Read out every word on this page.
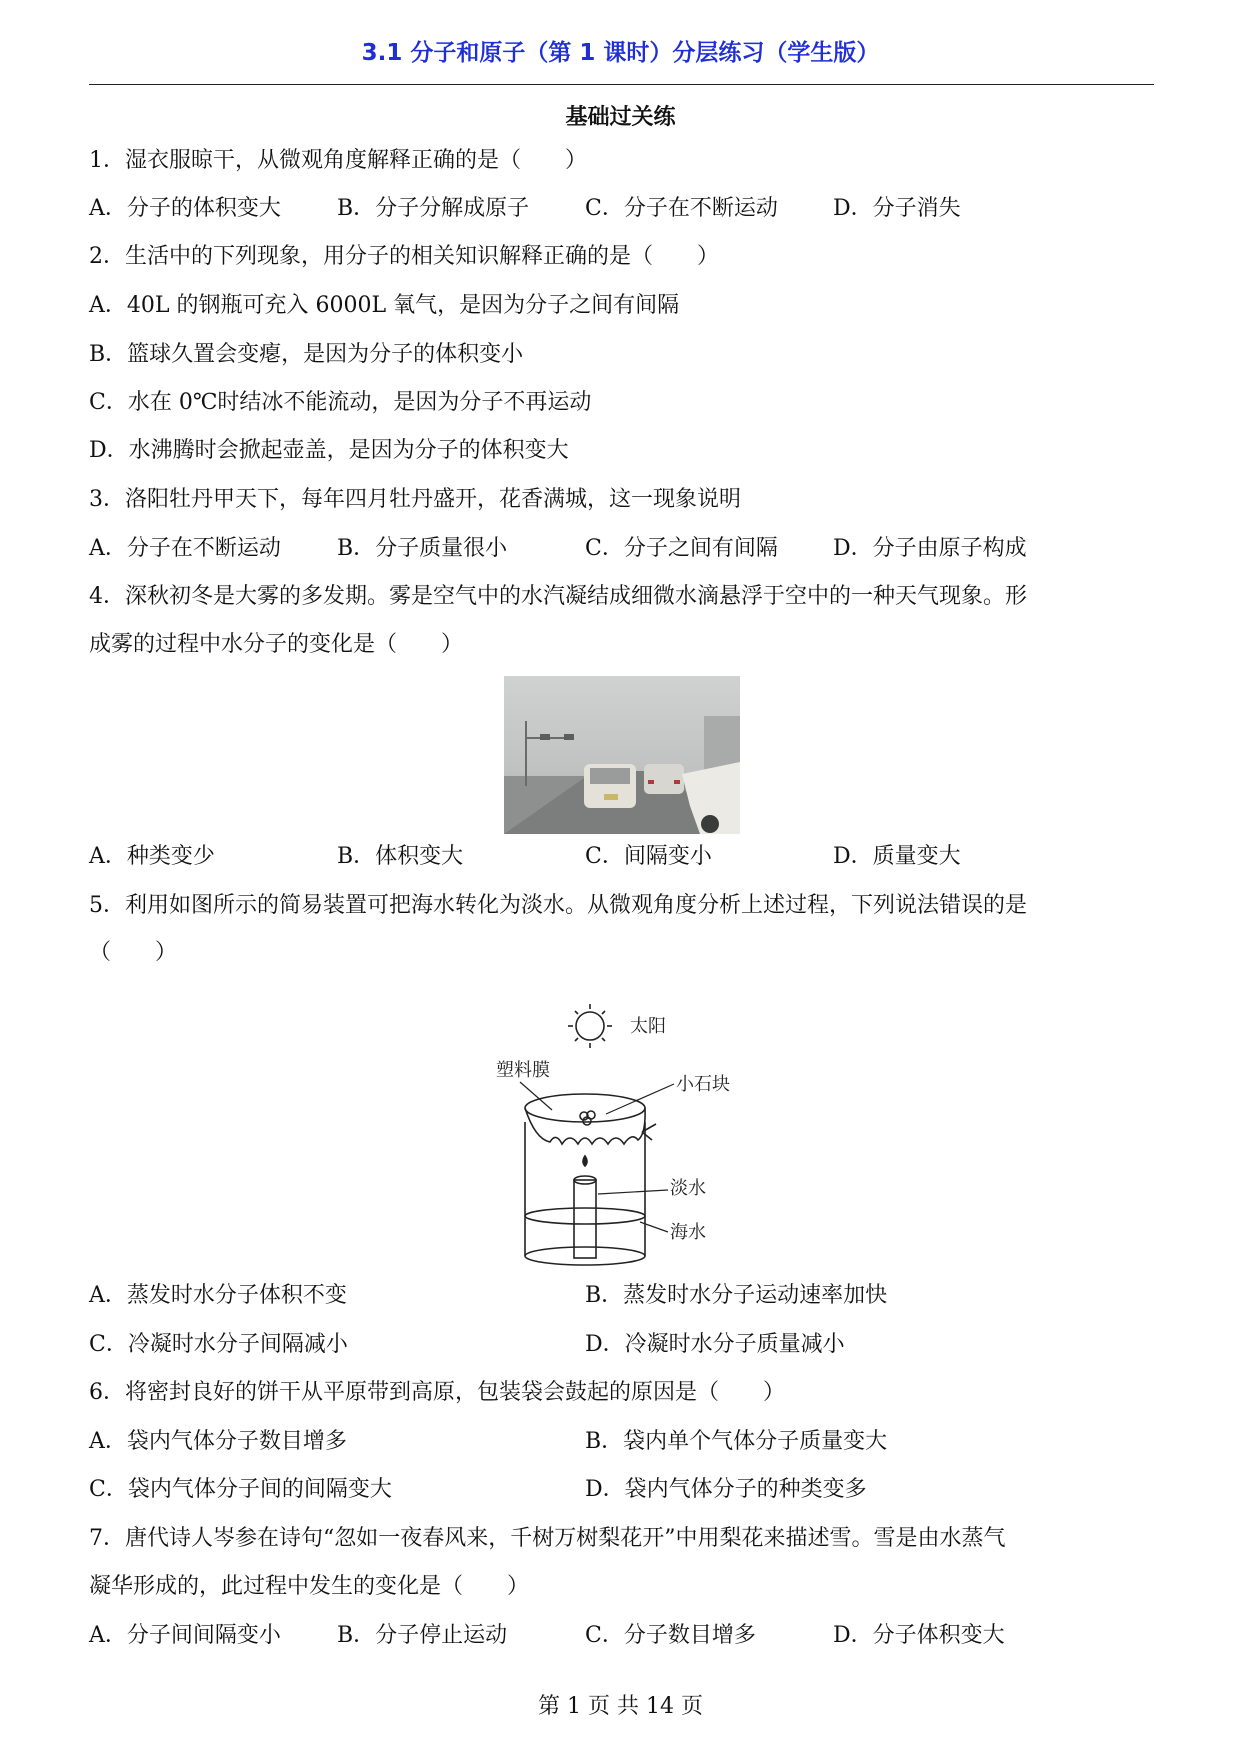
3.1 分子和原子（第 1 课时）分层练习（学生版）
基础过关练
1．湿衣服晾干，从微观角度解释正确的是（　　）
A．分子的体积变大	B．分子分解成原子	C．分子在不断运动	D．分子消失
2．生活中的下列现象，用分子的相关知识解释正确的是（　　）
A．40L 的钢瓶可充入 6000L 氧气，是因为分子之间有间隔
B．篮球久置会变瘪，是因为分子的体积变小
C．水在 0℃时结冰不能流动，是因为分子不再运动
D．水沸腾时会掀起壶盖，是因为分子的体积变大
3．洛阳牡丹甲天下，每年四月牡丹盛开，花香满城，这一现象说明
A．分子在不断运动	B．分子质量很小	C．分子之间有间隔	D．分子由原子构成
4．深秋初冬是大雾的多发期。雾是空气中的水汽凝结成细微水滴悬浮于空中的一种天气现象。形
成雾的过程中水分子的变化是（　　）
A．种类变少	B．体积变大	C．间隔变小	D．质量变大
5．利用如图所示的简易装置可把海水转化为淡水。从微观角度分析上述过程，下列说法错误的是
（　　）
太阳
塑料膜
小石块
淡水
海水
A．蒸发时水分子体积不变	B．蒸发时水分子运动速率加快
C．冷凝时水分子间隔减小	D．冷凝时水分子质量减小
6．将密封良好的饼干从平原带到高原，包装袋会鼓起的原因是（　　）
A．袋内气体分子数目增多	B．袋内单个气体分子质量变大
C．袋内气体分子间的间隔变大	D．袋内气体分子的种类变多
7．唐代诗人岑参在诗句“忽如一夜春风来，千树万树梨花开”中用梨花来描述雪。雪是由水蒸气
凝华形成的，此过程中发生的变化是（　　）
A．分子间间隔变小	B．分子停止运动	C．分子数目增多	D．分子体积变大
第 1 页 共 14 页
